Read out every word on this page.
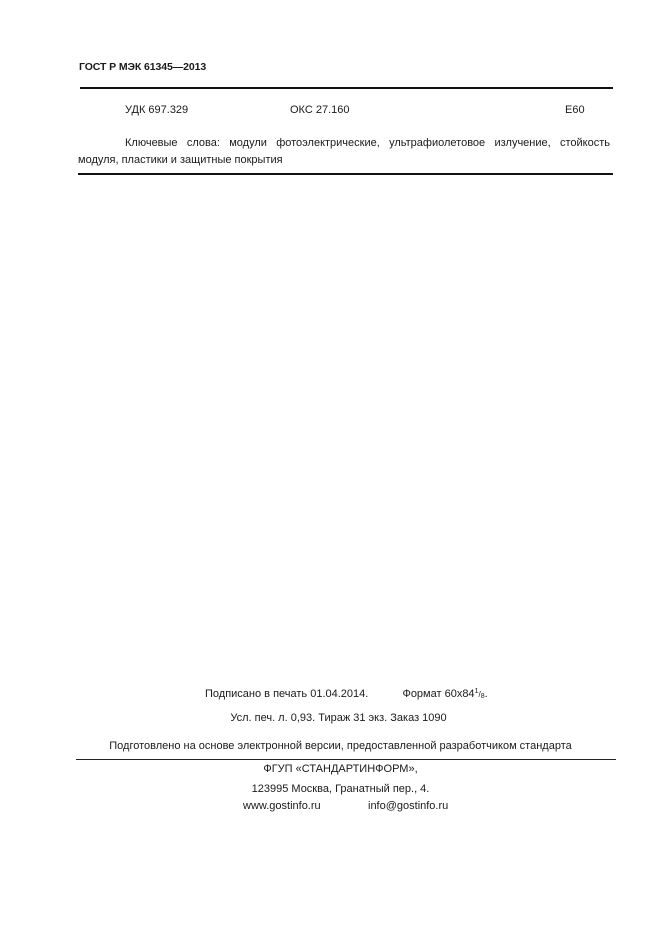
ГОСТ Р МЭК 61345—2013
УДК 697.329	ОКС 27.160	Е60
Ключевые слова: модули фотоэлектрические, ультрафиолетовое излучение, стойкость модуля, пластики и защитные покрытия
Подписано в печать 01.04.2014.	Формат $60x84^1/_8$.
Усл. печ. л. 0,93. Тираж 31 экз. Заказ 1090
Подготовлено на основе электронной версии, предоставленной разработчиком стандарта
ФГУП «СТАНДАРТИНФОРМ»,
123995 Москва, Гранатный пер., 4.
www.gostinfo.ru	info@gostinfo.ru
